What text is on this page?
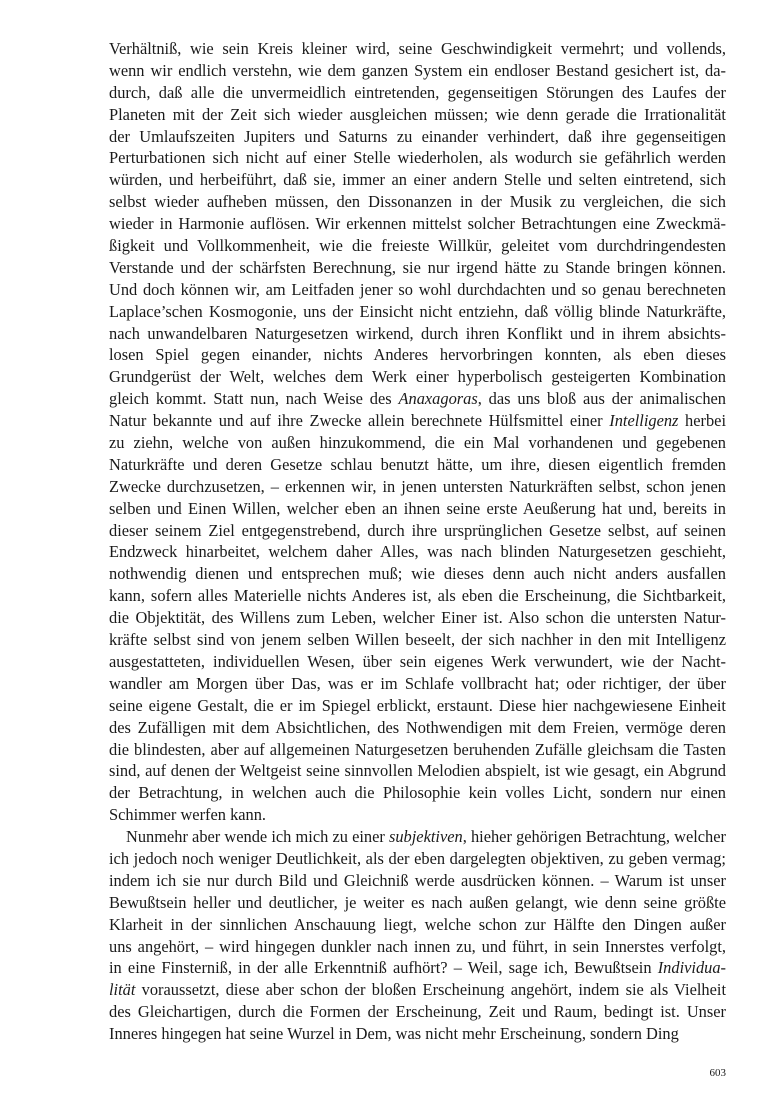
Verhältniß, wie sein Kreis kleiner wird, seine Geschwindigkeit vermehrt; und vollends,
wenn wir endlich verstehn, wie dem ganzen System ein endloser Bestand gesichert ist, da-
durch, daß alle die unvermeidlich eintretenden, gegenseitigen Störungen des Laufes der
Planeten mit der Zeit sich wieder ausgleichen müssen; wie denn gerade die Irrationalität
der Umlaufszeiten Jupiters und Saturns zu einander verhindert, daß ihre gegenseitigen
Perturbationen sich nicht auf einer Stelle wiederholen, als wodurch sie gefährlich werden
würden, und herbeiführt, daß sie, immer an einer andern Stelle und selten eintretend, sich
selbst wieder aufheben müssen, den Dissonanzen in der Musik zu vergleichen, die sich
wieder in Harmonie auflösen. Wir erkennen mittelst solcher Betrachtungen eine Zweckmä-
ßigkeit und Vollkommenheit, wie die freieste Willkür, geleitet vom durchdringendesten
Verstande und der schärfsten Berechnung, sie nur irgend hätte zu Stande bringen können.
Und doch können wir, am Leitfaden jener so wohl durchdachten und so genau berechneten
Laplace’schen Kosmogonie, uns der Einsicht nicht entziehn, daß völlig blinde Naturkräfte,
nach unwandelbaren Naturgesetzen wirkend, durch ihren Konflikt und in ihrem absichts-
losen Spiel gegen einander, nichts Anderes hervorbringen konnten, als eben dieses
Grundgerüst der Welt, welches dem Werk einer hyperbolisch gesteigerten Kombination
gleich kommt. Statt nun, nach Weise des Anaxagoras, das uns bloß aus der animalischen
Natur bekannte und auf ihre Zwecke allein berechnete Hülfsmittel einer Intelligenz herbei
zu ziehn, welche von außen hinzukommend, die ein Mal vorhandenen und gegebenen
Naturkräfte und deren Gesetze schlau benutzt hätte, um ihre, diesen eigentlich fremden
Zwecke durchzusetzen, – erkennen wir, in jenen untersten Naturkräften selbst, schon jenen
selben und Einen Willen, welcher eben an ihnen seine erste Aeußerung hat und, bereits in
dieser seinem Ziel entgegenstrebend, durch ihre ursprünglichen Gesetze selbst, auf seinen
Endzweck hinarbeitet, welchem daher Alles, was nach blinden Naturgesetzen geschieht,
nothwendig dienen und entsprechen muß; wie dieses denn auch nicht anders ausfallen
kann, sofern alles Materielle nichts Anderes ist, als eben die Erscheinung, die Sichtbarkeit,
die Objektität, des Willens zum Leben, welcher Einer ist. Also schon die untersten Natur-
kräfte selbst sind von jenem selben Willen beseelt, der sich nachher in den mit Intelligenz
ausgestatteten, individuellen Wesen, über sein eigenes Werk verwundert, wie der Nacht-
wandler am Morgen über Das, was er im Schlafe vollbracht hat; oder richtiger, der über
seine eigene Gestalt, die er im Spiegel erblickt, erstaunt. Diese hier nachgewiesene Einheit
des Zufälligen mit dem Absichtlichen, des Nothwendigen mit dem Freien, vermöge deren
die blindesten, aber auf allgemeinen Naturgesetzen beruhenden Zufälle gleichsam die Tasten
sind, auf denen der Weltgeist seine sinnvollen Melodien abspielt, ist wie gesagt, ein Abgrund
der Betrachtung, in welchen auch die Philosophie kein volles Licht, sondern nur einen
Schimmer werfen kann.
Nunmehr aber wende ich mich zu einer subjektiven, hieher gehörigen Betrachtung, welcher
ich jedoch noch weniger Deutlichkeit, als der eben dargelegten objektiven, zu geben vermag;
indem ich sie nur durch Bild und Gleichniß werde ausdrücken können. – Warum ist unser
Bewußtsein heller und deutlicher, je weiter es nach außen gelangt, wie denn seine größte
Klarheit in der sinnlichen Anschauung liegt, welche schon zur Hälfte den Dingen außer
uns angehört, – wird hingegen dunkler nach innen zu, und führt, in sein Innerstes verfolgt,
in eine Finsterniß, in der alle Erkenntniß aufhört? – Weil, sage ich, Bewußtsein Individua-
lität voraussetzt, diese aber schon der bloßen Erscheinung angehört, indem sie als Vielheit
des Gleichartigen, durch die Formen der Erscheinung, Zeit und Raum, bedingt ist. Unser
Inneres hingegen hat seine Wurzel in Dem, was nicht mehr Erscheinung, sondern Ding
603
